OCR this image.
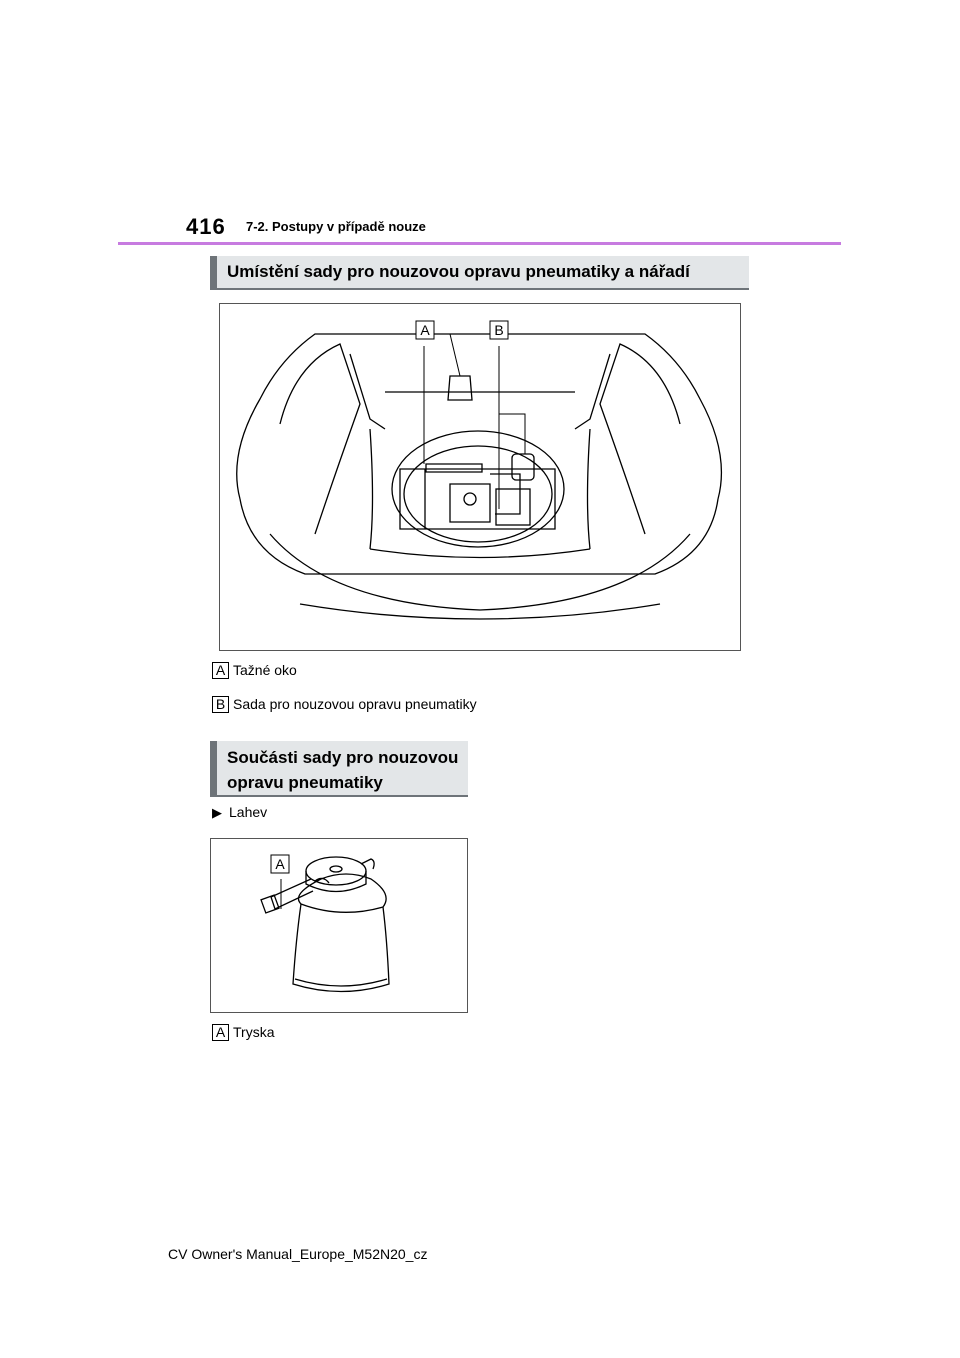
416 7-2. Postupy v případě nouze
Umístění sady pro nouzovou opravu pneumatiky a nářadí
A	B
A Tažné oko
B Sada pro nouzovou opravu pneumatiky
Součásti sady pro nouzovou
opravu pneumatiky
▶ Lahev
A
A Tryska
CV Owner's Manual_Europe_M52N20_cz
